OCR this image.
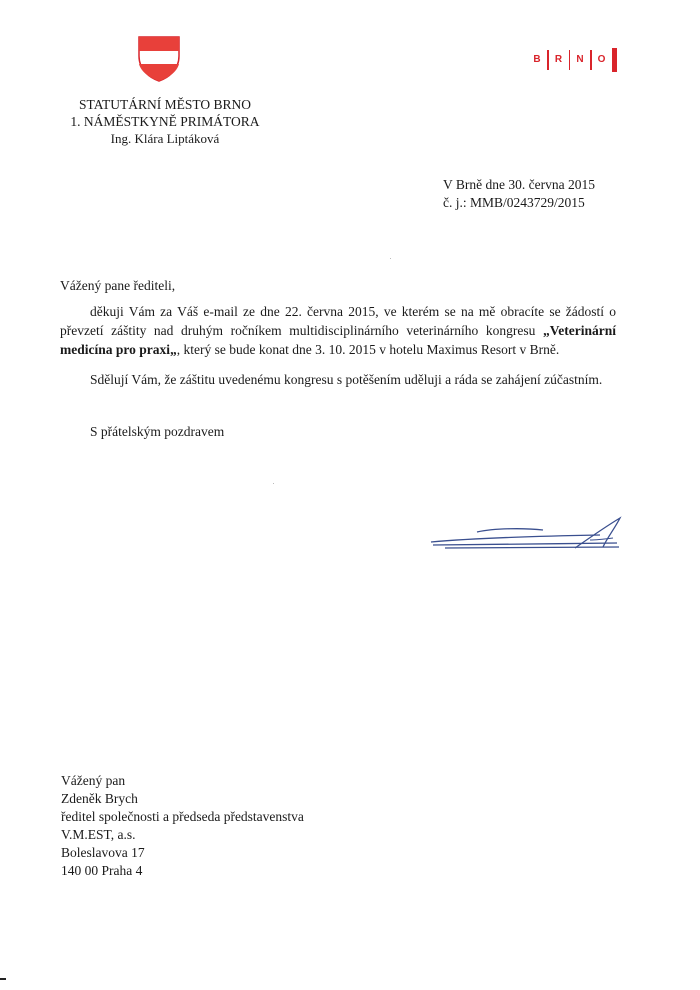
B R N O
STATUTÁRNÍ MĚSTO BRNO
1. NÁMĚSTKYNĚ PRIMÁTORA
Ing. Klára Liptáková
V Brně dne 30. června 2015
č. j.: MMB/0243729/2015
Vážený pane řediteli,
děkuji Vám za Váš e-mail ze dne 22. června 2015, ve kterém se na mě obracíte se žádostí o převzetí záštity nad druhým ročníkem multidisciplinárního veterinárního kongresu „Veterinární medicína pro praxi„, který se bude konat dne 3. 10. 2015 v hotelu Maximus Resort v Brně.
Sdělují Vám, že záštitu uvedenému kongresu s potěšením uděluji a ráda se zahájení zúčastním.
S přátelským pozdravem
Vážený pan
Zdeněk Brych
ředitel společnosti a předseda představenstva
V.M.EST, a.s.
Boleslavova 17
140 00 Praha 4
